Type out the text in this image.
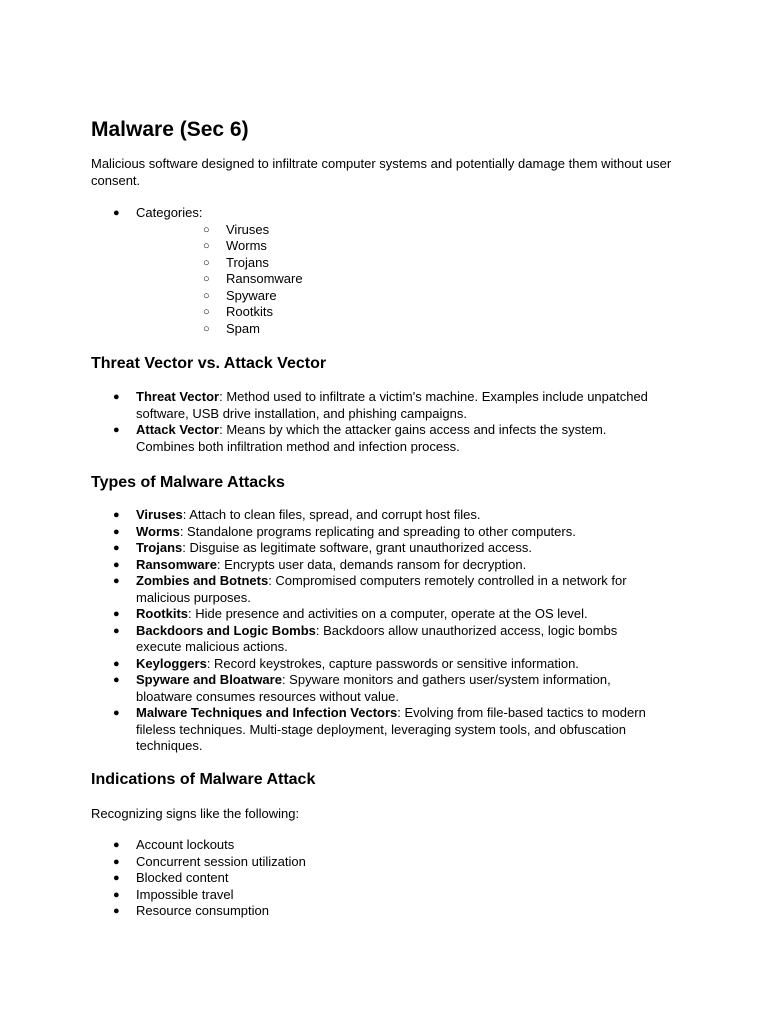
Malware (Sec 6)

Malicious software designed to infiltrate computer systems and potentially damage them without user consent.

● Categories:
○ Viruses
○ Worms
○ Trojans
○ Ransomware
○ Spyware
○ Rootkits
○ Spam
Threat Vector vs. Attack Vector
● Threat Vector: Method used to infiltrate a victim's machine. Examples include unpatched software, USB drive installation, and phishing campaigns.
● Attack Vector: Means by which the attacker gains access and infects the system. Combines both infiltration method and infection process.
Types of Malware Attacks
● Viruses: Attach to clean files, spread, and corrupt host files.
● Worms: Standalone programs replicating and spreading to other computers.
● Trojans: Disguise as legitimate software, grant unauthorized access.
● Ransomware: Encrypts user data, demands ransom for decryption.
● Zombies and Botnets: Compromised computers remotely controlled in a network for malicious purposes.
● Rootkits: Hide presence and activities on a computer, operate at the OS level.
● Backdoors and Logic Bombs: Backdoors allow unauthorized access, logic bombs execute malicious actions.
● Keyloggers: Record keystrokes, capture passwords or sensitive information.
● Spyware and Bloatware: Spyware monitors and gathers user/system information, bloatware consumes resources without value.
● Malware Techniques and Infection Vectors: Evolving from file-based tactics to modern fileless techniques. Multi-stage deployment, leveraging system tools, and obfuscation techniques.
Indications of Malware Attack

Recognizing signs like the following:

● Account lockouts
● Concurrent session utilization
● Blocked content
● Impossible travel
● Resource consumption
